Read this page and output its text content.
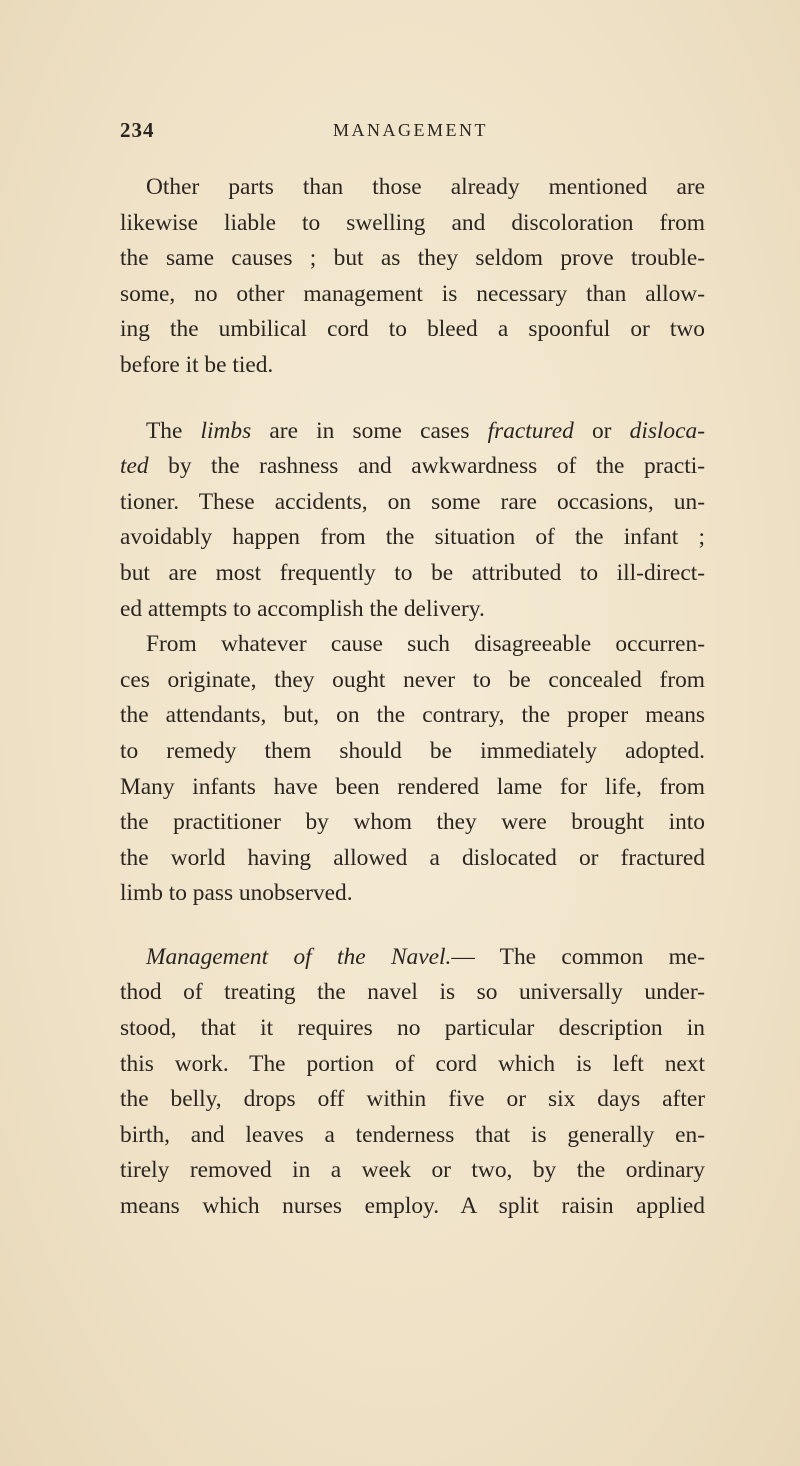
234	MANAGEMENT
Other parts than those already mentioned are
likewise liable to swelling and discoloration from
the same causes ; but as they seldom prove trouble-
some, no other management is necessary than allow-
ing the umbilical cord to bleed a spoonful or two
before it be tied.
The limbs are in some cases fractured or disloca-
ted by the rashness and awkwardness of the practi-
tioner. These accidents, on some rare occasions, un-
avoidably happen from the situation of the infant ;
but are most frequently to be attributed to ill-direct-
ed attempts to accomplish the delivery.
From whatever cause such disagreeable occurren-
ces originate, they ought never to be concealed from
the attendants, but, on the contrary, the proper means
to remedy them should be immediately adopted.
Many infants have been rendered lame for life, from
the practitioner by whom they were brought into
the world having allowed a dislocated or fractured
limb to pass unobserved.
Management of the Navel.— The common me-
thod of treating the navel is so universally under-
stood, that it requires no particular description in
this work. The portion of cord which is left next
the belly, drops off within five or six days after
birth, and leaves a tenderness that is generally en-
tirely removed in a week or two, by the ordinary
means which nurses employ. A split raisin applied
